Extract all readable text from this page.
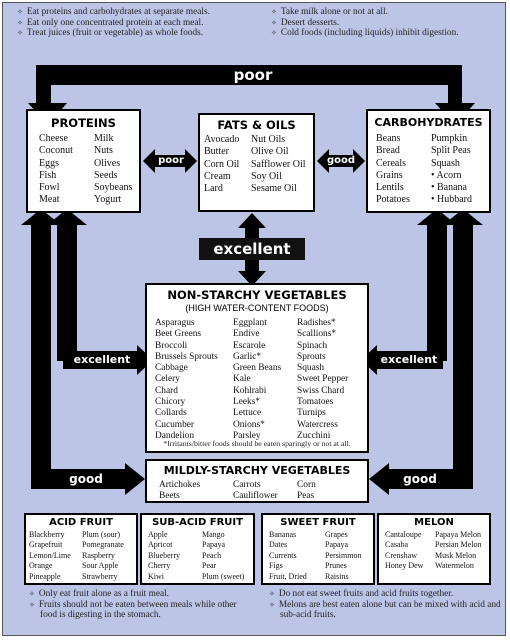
✧ Eat proteins and carbohydrates at separate meals.
✧ Eat only one concentrated protein at each meal.
✧ Treat juices (fruit or vegetable) as whole foods.
✧ Take milk alone or not at all.
✧ Desert desserts.
✧ Cold foods (including liquids) inhibit digestion.
poor
poor	good
excellent
excellent	excellent
good	good
PROTEINS
Cheese
Coconut
Eggs
Fish
Fowl
Meat
Milk
Nuts
Olives
Seeds
Soybeans
Yogurt
FATS & OILS
Avocado
Butter
Corn Oil
Cream
Lard
Nut Oils
Olive Oil
Safflower Oil
Soy Oil
Sesame Oil
CARBOHYDRATES
Beans
Bread
Cereals
Grains
Lentils
Potatoes
Pumpkin
Split Peas
Squash
• Acorn
• Banana
• Hubbard
NON-STARCHY VEGETABLES
(HIGH WATER-CONTENT FOODS)
Asparagus
Beet Greens
Broccoli
Brussels Sprouts
Cabbage
Celery
Chard
Chicory
Collards
Cucumber
Dandelion
Eggplant
Endive
Escarole
Garlic*
Green Beans
Kale
Kohlrabi
Leeks*
Lettuce
Onions*
Parsley
Radishes*
Scallions*
Spinach
Sprouts
Squash
Sweet Pepper
Swiss Chard
Tomatoes
Turnips
Watercress
Zucchini
*Irritants/bitter foods should be eaten sparingly or not at all.
MILDLY-STARCHY VEGETABLES
Artichokes
Beets
Carrots
Cauliflower
Corn
Peas
ACID FRUIT
Blackberry
Grapefruit
Lemon/Lime
Orange
Pineapple
Plum (sour)
Pomegranate
Raspberry
Sour Apple
Strawberry
SUB-ACID FRUIT
Apple
Apricot
Blueberry
Cherry
Kiwi
Mango
Papaya
Peach
Pear
Plum (sweet)
SWEET FRUIT
Bananas
Dates
Currents
Figs
Fruit, Dried
Grapes
Papaya
Persimmon
Prunes
Raisins
MELON
Cantaloupe
Casaba
Crenshaw
Honey Dew
Papaya Melon
Persian Melon
Musk Melon
Watermelon
✧ Only eat fruit alone as a fruit meal.
✧ Fruits should not be eaten between meals while other food is digesting in the stomach.
✧ Do not eat sweet fruits and acid fruits together.
✧ Melons are best eaten alone but can be mixed with acid and sub-acid fruits.
